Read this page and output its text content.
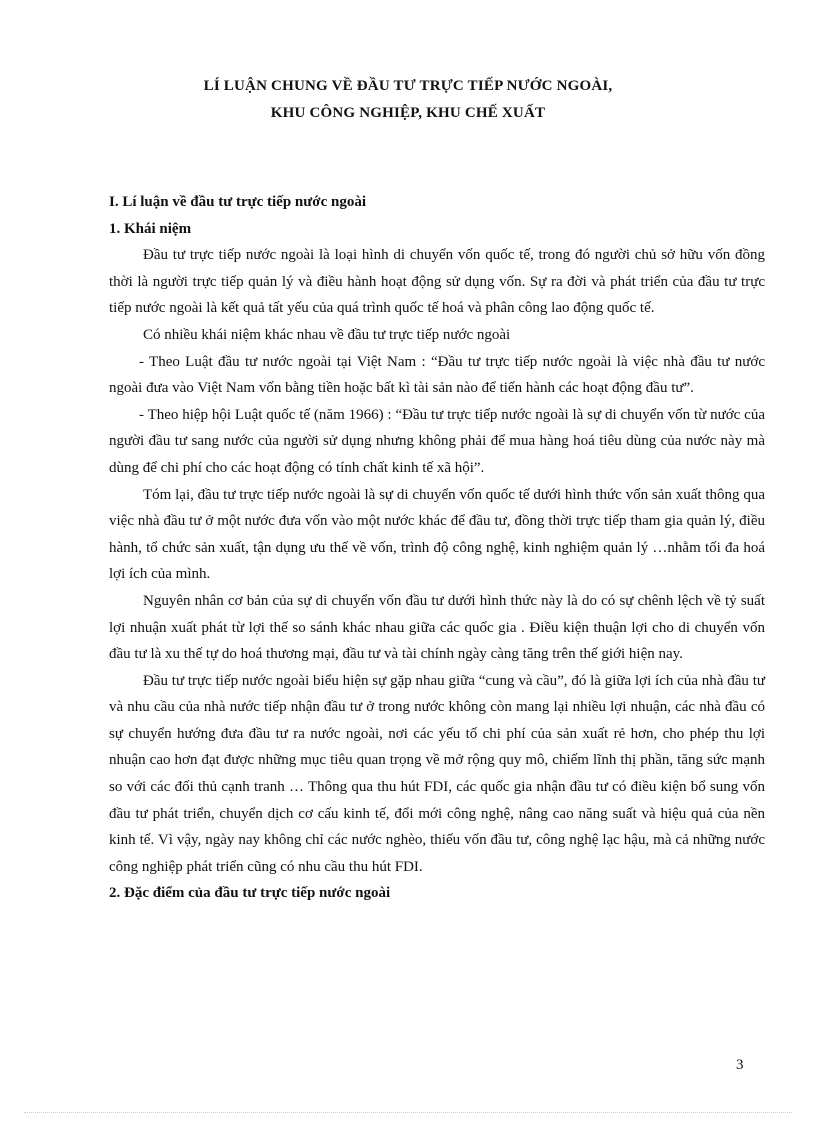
LÍ LUẬN CHUNG VỀ ĐẦU TƯ TRỰC TIẾP NƯỚC NGOÀI,
KHU CÔNG NGHIỆP, KHU CHẾ XUẤT
I. Lí luận về đầu tư trực tiếp nước ngoài
1. Khái niệm

Đầu tư trực tiếp nước ngoài là loại hình di chuyển vốn quốc tế, trong đó người chủ sở hữu vốn đồng thời là người trực tiếp quản lý và điều hành hoạt động sử dụng vốn. Sự ra đời và phát triển của đầu tư trực tiếp nước ngoài là kết quả tất yếu của quá trình quốc tế hoá và phân công lao động quốc tế.

Có nhiều khái niệm khác nhau về đầu tư trực tiếp nước ngoài

- Theo Luật đầu tư nước ngoài tại Việt Nam : “Đầu tư trực tiếp nước ngoài là việc nhà đầu tư nước ngoài đưa vào Việt Nam vốn bằng tiền hoặc bất kì tài sản nào để tiến hành các hoạt động đầu tư”.

- Theo hiệp hội Luật quốc tế (năm 1966) : “Đầu tư trực tiếp nước ngoài là sự di chuyển vốn từ nước của người đầu tư sang nước của người sử dụng nhưng không phải để mua hàng hoá tiêu dùng của nước này mà dùng để chi phí cho các hoạt động có tính chất kinh tế xã hội”.

Tóm lại, đầu tư trực tiếp nước ngoài là sự di chuyển vốn quốc tế dưới hình thức vốn sản xuất thông qua việc nhà đầu tư ở một nước đưa vốn vào một nước khác để đầu tư, đồng thời trực tiếp tham gia quản lý, điều hành, tổ chức sản xuất, tận dụng ưu thế về vốn, trình độ công nghệ, kinh nghiệm quản lý …nhằm tối đa hoá lợi ích của mình.

Nguyên nhân cơ bản của sự di chuyển vốn đầu tư dưới hình thức này là do có sự chênh lệch về tỷ suất lợi nhuận xuất phát từ lợi thế so sánh khác nhau giữa các quốc gia . Điều kiện thuận lợi cho di chuyển vốn đầu tư là xu thế tự do hoá thương mại, đầu tư và tài chính ngày càng tăng trên thế giới hiện nay.

Đầu tư trực tiếp nước ngoài biểu hiện sự gặp nhau giữa “cung và cầu”, đó là giữa lợi ích của nhà đầu tư và nhu cầu của nhà nước tiếp nhận đầu tư ở trong nước không còn mang lại nhiều lợi nhuận, các nhà đầu có sự chuyển hướng đưa đầu tư ra nước ngoài, nơi các yếu tố chi phí của sản xuất rẻ hơn, cho phép thu lợi nhuận cao hơn đạt được những mục tiêu quan trọng về mở rộng quy mô, chiếm lĩnh thị phần, tăng sức mạnh so với các đối thủ cạnh tranh … Thông qua thu hút FDI, các quốc gia nhận đầu tư có điều kiện bổ sung vốn đầu tư phát triển, chuyển dịch cơ cấu kinh tế, đổi mới công nghệ, nâng cao năng suất và hiệu quả của nền kinh tế. Vì vậy, ngày nay không chỉ các nước nghèo, thiếu vốn đầu tư, công nghệ lạc hậu, mà cả những nước công nghiệp phát triển cũng có nhu cầu thu hút FDI.

2. Đặc điểm của đầu tư trực tiếp nước ngoài
3
